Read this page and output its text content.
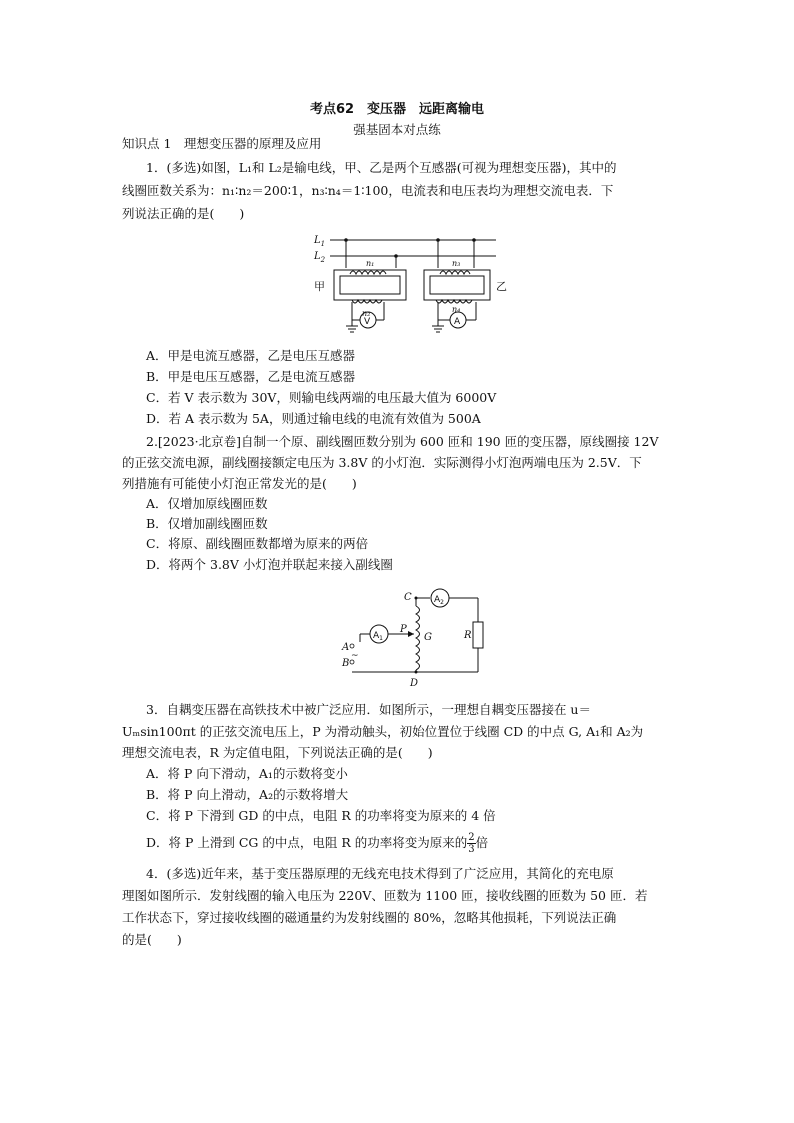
考点62　变压器　远距离输电
强基固本对点练
知识点 1　理想变压器的原理及应用
1．(多选)如图，L₁和 L₂是输电线，甲、乙是两个互感器(可视为理想变压器)，其中的
线圈匝数关系为：n₁∶n₂＝200∶1，n₃∶n₄＝1∶100，电流表和电压表均为理想交流电表．下
列说法正确的是(　　)
$L_1$
$L_2$	n₁
n₂
n₃
n₄
甲	乙
V	A
A．甲是电流互感器，乙是电压互感器
B．甲是电压互感器，乙是电流互感器
C．若 V 表示数为 30V，则输电线两端的电压最大值为 6000V
D．若 A 表示数为 5A，则通过输电线的电流有效值为 500A
2.[2023·北京卷]自制一个原、副线圈匝数分别为 600 匝和 190 匝的变压器，原线圈接 12V
的正弦交流电源，副线圈接额定电压为 3.8V 的小灯泡．实际测得小灯泡两端电压为 2.5V．下
列措施有可能使小灯泡正常发光的是(　　)
A．仅增加原线圈匝数
B．仅增加副线圈匝数
C．将原、副线圈匝数都增为原来的两倍
D．将两个 3.8V 小灯泡并联起来接入副线圈
C
D
P
G	R
A
B
$A_2$
$A_1$
~
3．自耦变压器在高铁技术中被广泛应用．如图所示，一理想自耦变压器接在 u＝
Uₘsin100πt 的正弦交流电压上，P 为滑动触头，初始位置位于线圈 CD 的中点 G, A₁和 A₂为
理想交流电表，R 为定值电阻，下列说法正确的是(　　)
A．将 P 向下滑动，A₁的示数将变小
B．将 P 向上滑动，A₂的示数将增大
C．将 P 下滑到 GD 的中点，电阻 R 的功率将变为原来的 4 倍
D．将 P 上滑到 CG 的中点，电阻 R 的功率将变为原来的 $\frac{2}{3}$ 倍
4．(多选)近年来，基于变压器原理的无线充电技术得到了广泛应用，其简化的充电原
理图如图所示．发射线圈的输入电压为 220V、匝数为 1100 匝，接收线圈的匝数为 50 匝．若
工作状态下，穿过接收线圈的磁通量约为发射线圈的 80%，忽略其他损耗，下列说法正确
的是(　　)
